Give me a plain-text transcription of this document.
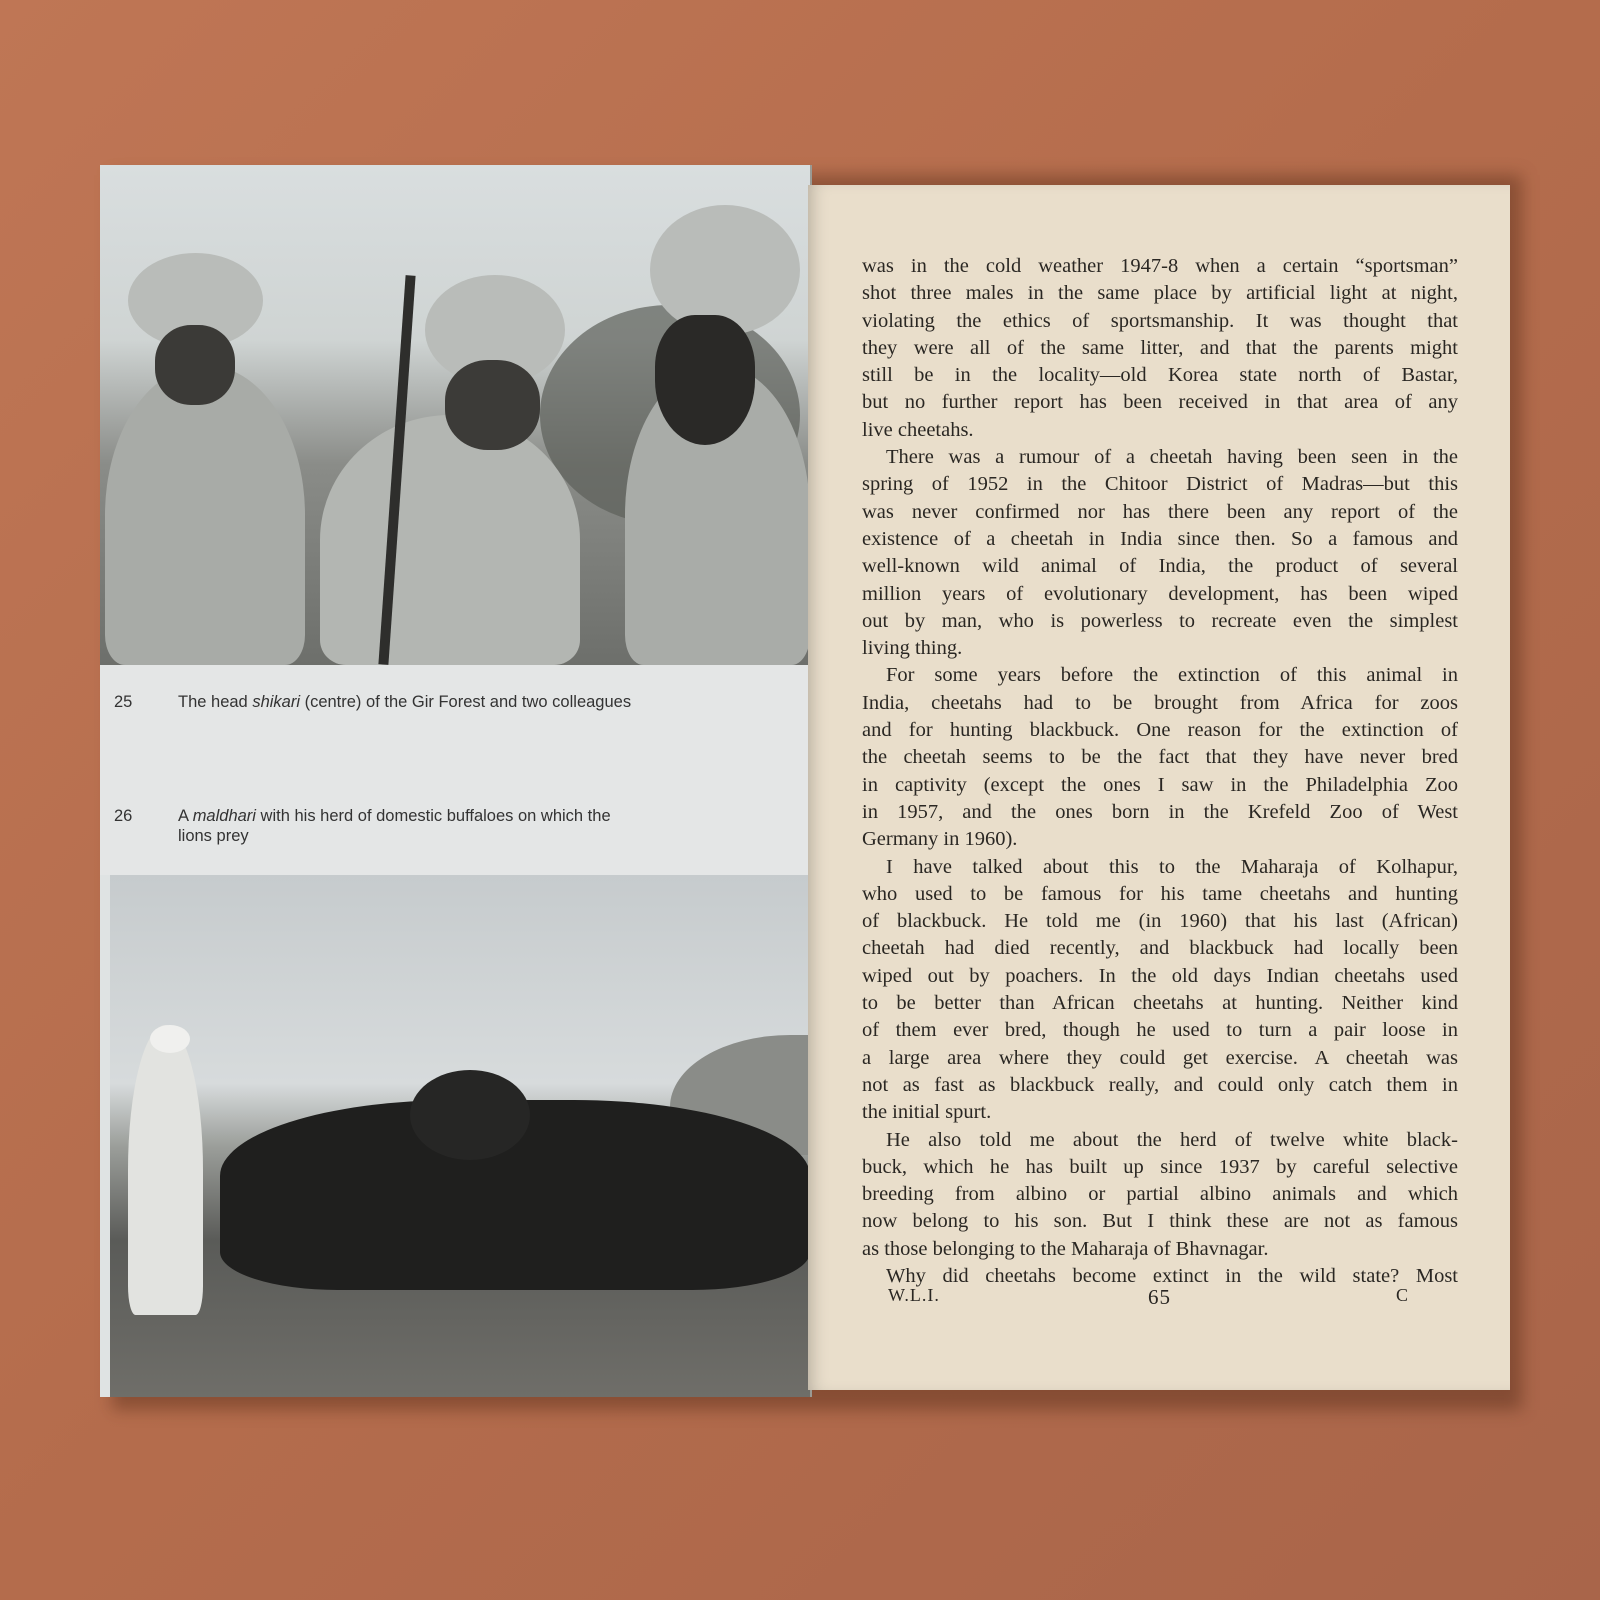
25	The head shikari (centre) of the Gir Forest and two colleagues
26	A maldhari with his herd of domestic buffaloes on which the
lions prey
was in the cold weather 1947-8 when a certain “sportsman”
shot three males in the same place by artificial light at night,
violating the ethics of sportsmanship. It was thought that
they were all of the same litter, and that the parents might
still be in the locality—old Korea state north of Bastar,
but no further report has been received in that area of any
live cheetahs.
There was a rumour of a cheetah having been seen in the
spring of 1952 in the Chitoor District of Madras—but this
was never confirmed nor has there been any report of the
existence of a cheetah in India since then. So a famous and
well-known wild animal of India, the product of several
million years of evolutionary development, has been wiped
out by man, who is powerless to recreate even the simplest
living thing.
For some years before the extinction of this animal in
India, cheetahs had to be brought from Africa for zoos
and for hunting blackbuck. One reason for the extinction of
the cheetah seems to be the fact that they have never bred
in captivity (except the ones I saw in the Philadelphia Zoo
in 1957, and the ones born in the Krefeld Zoo of West
Germany in 1960).
I have talked about this to the Maharaja of Kolhapur,
who used to be famous for his tame cheetahs and hunting
of blackbuck. He told me (in 1960) that his last (African)
cheetah had died recently, and blackbuck had locally been
wiped out by poachers. In the old days Indian cheetahs used
to be better than African cheetahs at hunting. Neither kind
of them ever bred, though he used to turn a pair loose in
a large area where they could get exercise. A cheetah was
not as fast as blackbuck really, and could only catch them in
the initial spurt.
He also told me about the herd of twelve white black-
buck, which he has built up since 1937 by careful selective
breeding from albino or partial albino animals and which
now belong to his son. But I think these are not as famous
as those belonging to the Maharaja of Bhavnagar.
Why did cheetahs become extinct in the wild state? Most
W.L.I.	65	C
